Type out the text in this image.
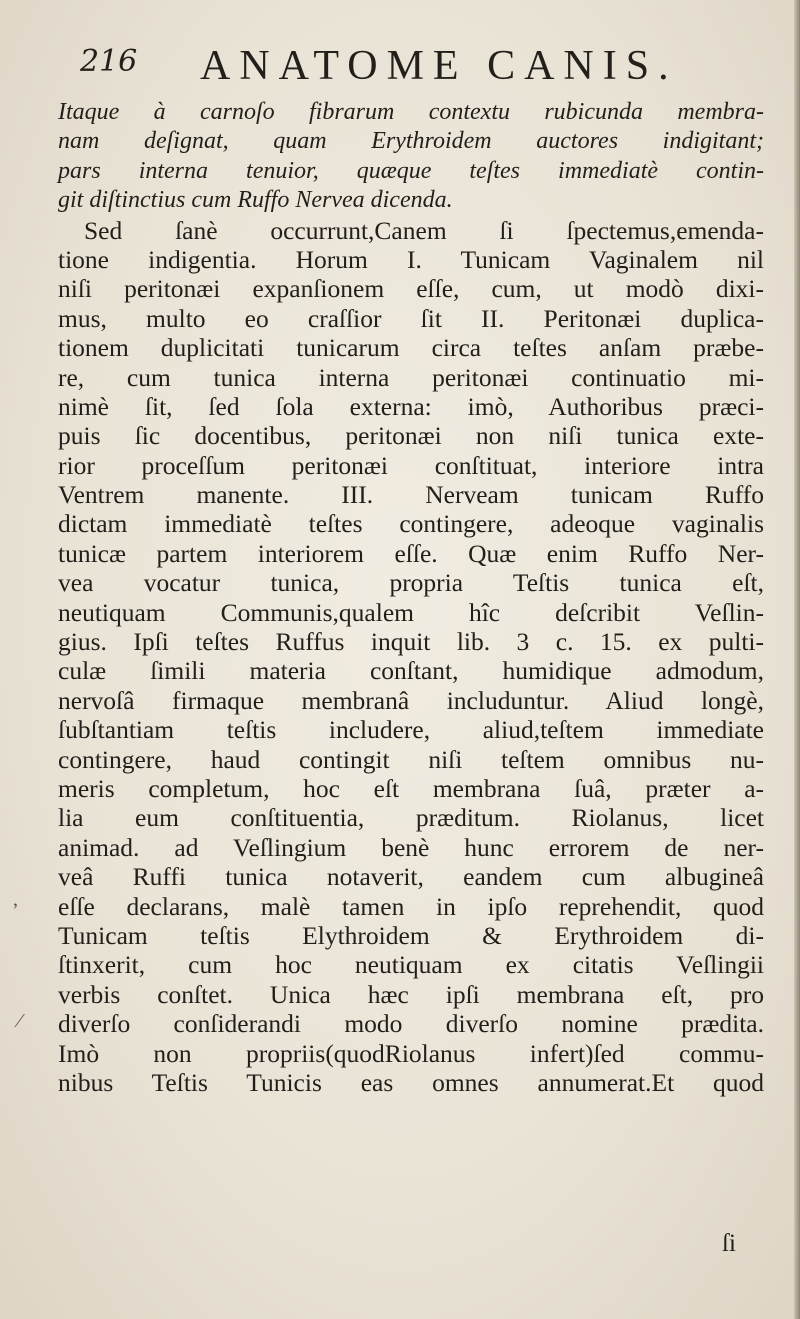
216 ANATOME CANIS.
Itaque à carnoſo fibrarum contextu rubicunda membra-
nam deſignat, quam Erythroidem auctores indigitant;
pars interna tenuior, quæque teſtes immediatè contin-
git diſtinctius cum Ruffo Nervea dicenda.
Sed ſanè occurrunt,Canem ſi ſpectemus,emenda-
tione indigentia. Horum I. Tunicam Vaginalem nil
niſi peritonæi expanſionem eſſe, cum, ut modò dixi-
mus, multo eo craſſior ſit II. Peritonæi duplica-
tionem duplicitati tunicarum circa teſtes anſam præbe-
re, cum tunica interna peritonæi continuatio mi-
nimè ſit, ſed ſola externa: imò, Authoribus præci-
puis ſic docentibus, peritonæi non niſi tunica exte-
rior proceſſum peritonæi conſtituat, interiore intra
Ventrem manente. III. Nerveam tunicam Ruffo
dictam immediatè teſtes contingere, adeoque vaginalis
tunicæ partem interiorem eſſe. Quæ enim Ruffo Ner-
vea vocatur tunica, propria Teſtis tunica eſt,
neutiquam Communis,qualem hîc deſcribit Veſlin-
gius. Ipſi teſtes Ruffus inquit lib. 3 c. 15. ex pulti-
culæ ſimili materia conſtant, humidique admodum,
nervoſâ firmaque membranâ includuntur. Aliud longè,
ſubſtantiam teſtis includere, aliud,teſtem immediate
contingere, haud contingit niſi teſtem omnibus nu-
meris completum, hoc eſt membrana ſuâ, præter a-
lia eum conſtituentia, præditum. Riolanus, licet
animad. ad Veſlingium benè hunc errorem de ner-
veâ Ruffi tunica notaverit, eandem cum albugineâ
eſſe declarans, malè tamen in ipſo reprehendit, quod
Tunicam teſtis Elythroidem & Erythroidem di-
ſtinxerit, cum hoc neutiquam ex citatis Veſlingii
verbis conſtet. Unica hæc ipſi membrana eſt, pro
diverſo conſiderandi modo diverſo nomine prædita.
Imò non propriis(quodRiolanus infert)ſed commu-
nibus Teſtis Tunicis eas omnes annumerat.Et quod
ſi
ʼ
⁄
